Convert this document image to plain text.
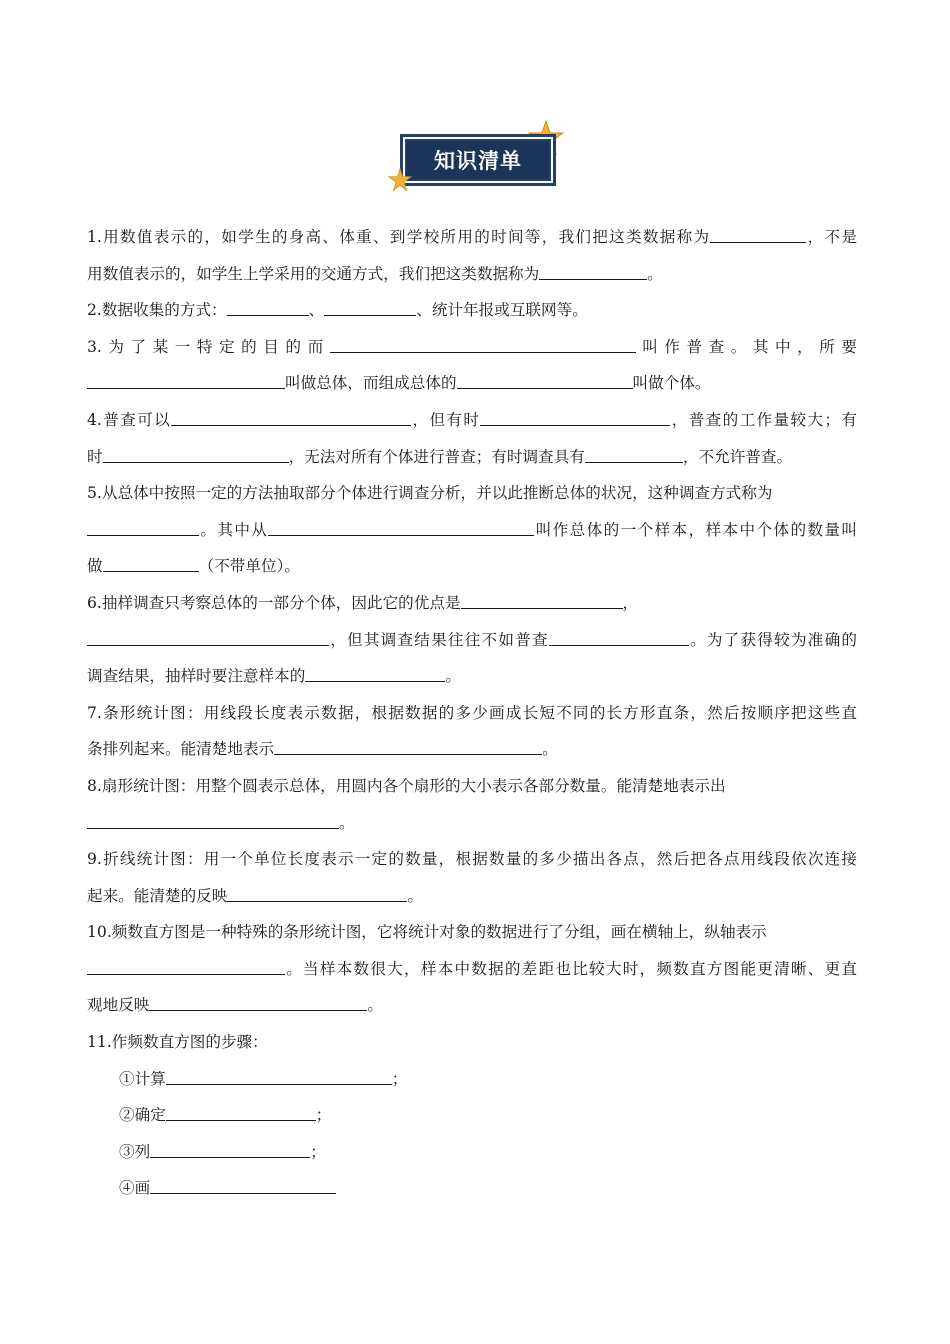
知识清单
1.用数值表示的，如学生的身高、体重、到学校所用的时间等，我们把这类数据称为	，不是
用数值表示的，如学生上学采用的交通方式，我们把这类数据称为	。
2.数据收集的方式：	、	、统计年报或互联网等。
3.为了某一特定的目的而	叫作普查。其中，所要
叫做总体，而组成总体的	叫做个体。
4.普查可以	，但有时	，普查的工作量较大；有
时	，无法对所有个体进行普查；有时调查具有	，不允许普查。
5.从总体中按照一定的方法抽取部分个体进行调查分析，并以此推断总体的状况，这种调查方式称为
。其中从	叫作总体的一个样本，样本中个体的数量叫
做	（不带单位）。
6.抽样调查只考察总体的一部分个体，因此它的优点是	，
，但其调查结果往往不如普查	。为了获得较为准确的
调查结果，抽样时要注意样本的	。
7.条形统计图：用线段长度表示数据，根据数据的多少画成长短不同的长方形直条，然后按顺序把这些直
条排列起来。能清楚地表示	。
8.扇形统计图：用整个圆表示总体，用圆内各个扇形的大小表示各部分数量。能清楚地表示出
。
9.折线统计图：用一个单位长度表示一定的数量，根据数量的多少描出各点，然后把各点用线段依次连接
起来。能清楚的反映	。
10.频数直方图是一种特殊的条形统计图，它将统计对象的数据进行了分组，画在横轴上，纵轴表示
。当样本数很大，样本中数据的差距也比较大时，频数直方图能更清晰、更直
观地反映	。
11.作频数直方图的步骤：
①计算	；
②确定	；
③列	；
④画
